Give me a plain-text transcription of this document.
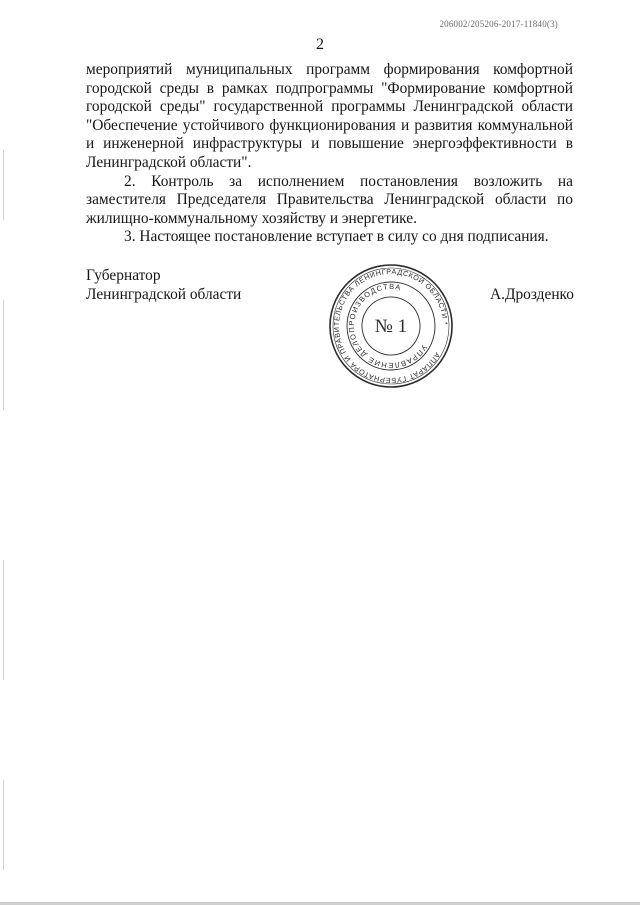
206002/205206-2017-11840(3)
2

мероприятий муниципальных программ формирования комфортной городской среды в рамках подпрограммы "Формирование комфортной городской среды" государственной программы Ленинградской области "Обеспечение устойчивого функционирования и развития коммунальной и инженерной инфраструктуры и повышение энергоэффективности в Ленинградской области".

2. Контроль за исполнением постановления возложить на заместителя Председателя Правительства Ленинградской области по жилищно-коммунальному хозяйству и энергетике.

3. Настоящее постановление вступает в силу со дня подписания.

Губернатор
Ленинградской области
АППАРАТ ГУБЕРНАТОРА И ПРАВИТЕЛЬСТВА ЛЕНИНГРАДСКОЙ ОБЛАСТИ *
УПРАВЛЕНИЕ ДЕЛОПРОИЗВОДСТВА
№ 1
А.Дрозденко
